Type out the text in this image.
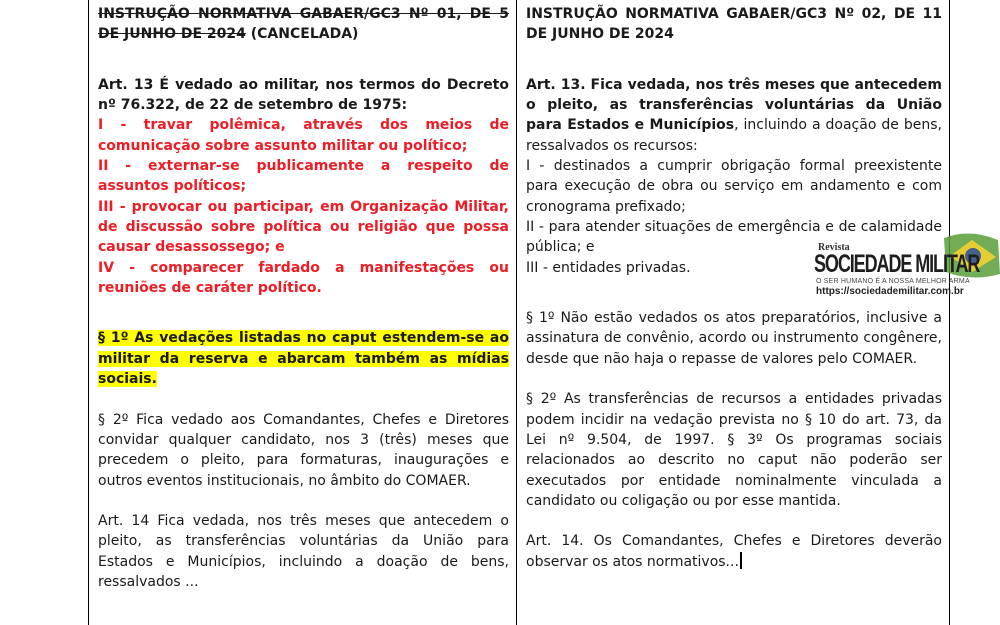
INSTRUÇÃO NORMATIVA GABAER/GC3 Nº 01, DE 5 DE JUNHO DE 2024 (CANCELADA)

Art. 13 É vedado ao militar, nos termos do Decreto nº 76.322, de 22 de setembro de 1975:

I - travar polêmica, através dos meios de comunicação sobre assunto militar ou político;

II - externar-se publicamente a respeito de assuntos políticos;

III - provocar ou participar, em Organização Militar, de discussão sobre política ou religião que possa causar desassossego; e

IV - comparecer fardado a manifestações ou reuniões de caráter político.

§ 1º As vedações listadas no caput estendem-se ao militar da reserva e abarcam também as mídias sociais.

§ 2º Fica vedado aos Comandantes, Chefes e Diretores convidar qualquer candidato, nos 3 (três) meses que precedem o pleito, para formaturas, inaugurações e outros eventos institucionais, no âmbito do COMAER.

Art. 14 Fica vedada, nos três meses que antecedem o pleito, as transferências voluntárias da União para Estados e Municípios, incluindo a doação de bens, ressalvados ...

INSTRUÇÃO NORMATIVA GABAER/GC3 Nº 02, DE 11 DE JUNHO DE 2024

Art. 13. Fica vedada, nos três meses que antecedem o pleito, as transferências voluntárias da União para Estados e Municípios, incluindo a doação de bens, ressalvados os recursos:

I - destinados a cumprir obrigação formal preexistente para execução de obra ou serviço em andamento e com cronograma prefixado;

II - para atender situações de emergência e de calamidade pública; e

III - entidades privadas.

§ 1º Não estão vedados os atos preparatórios, inclusive a assinatura de convênio, acordo ou instrumento congênere, desde que não haja o repasse de valores pelo COMAER.

§ 2º As transferências de recursos a entidades privadas podem incidir na vedação prevista no § 10 do art. 73, da Lei nº 9.504, de 1997. § 3º Os programas sociais relacionados ao descrito no caput não poderão ser executados por entidade nominalmente vinculada a candidato ou coligação ou por esse mantida.

Art. 14. Os Comandantes, Chefes e Diretores deverão observar os atos normativos...

Revista
SOCIEDADE MILITAR
O SER HUMANO É A NOSSA MELHOR ARMA
https://sociedademilitar.com.br
